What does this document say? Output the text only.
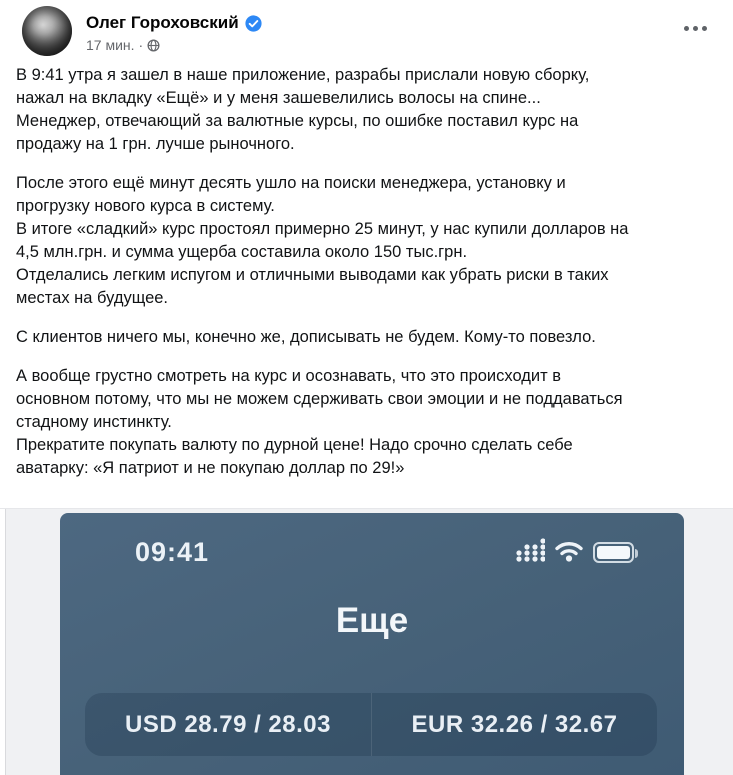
Олег Гороховский
17 мин. ·
В 9:41 утра я зашел в наше приложение, разрабы прислали новую сборку,
нажал на вкладку «Ещё» и у меня зашевелились волосы на спине...
Менеджер, отвечающий за валютные курсы, по ошибке поставил курс на
продажу на 1 грн. лучше рыночного.
После этого ещё минут десять ушло на поиски менеджера, установку и
прогрузку нового курса в систему.
В итоге «сладкий» курс простоял примерно 25 минут, у нас купили долларов на
4,5 млн.грн. и сумма ущерба составила около 150 тыс.грн.
Отделались легким испугом и отличными выводами как убрать риски в таких
местах на будущее.
С клиентов ничего мы, конечно же, дописывать не будем. Кому-то повезло.
А вообще грустно смотреть на курс и осознавать, что это происходит в
основном потому, что мы не можем сдерживать свои эмоции и не поддаваться
стадному инстинкту.
Прекратите покупать валюту по дурной цене! Надо срочно сделать себе
аватарку: «Я патриот и не покупаю доллар по 29!»
09:41
Еще
USD 28.79 / 28.03	EUR 32.26 / 32.67
